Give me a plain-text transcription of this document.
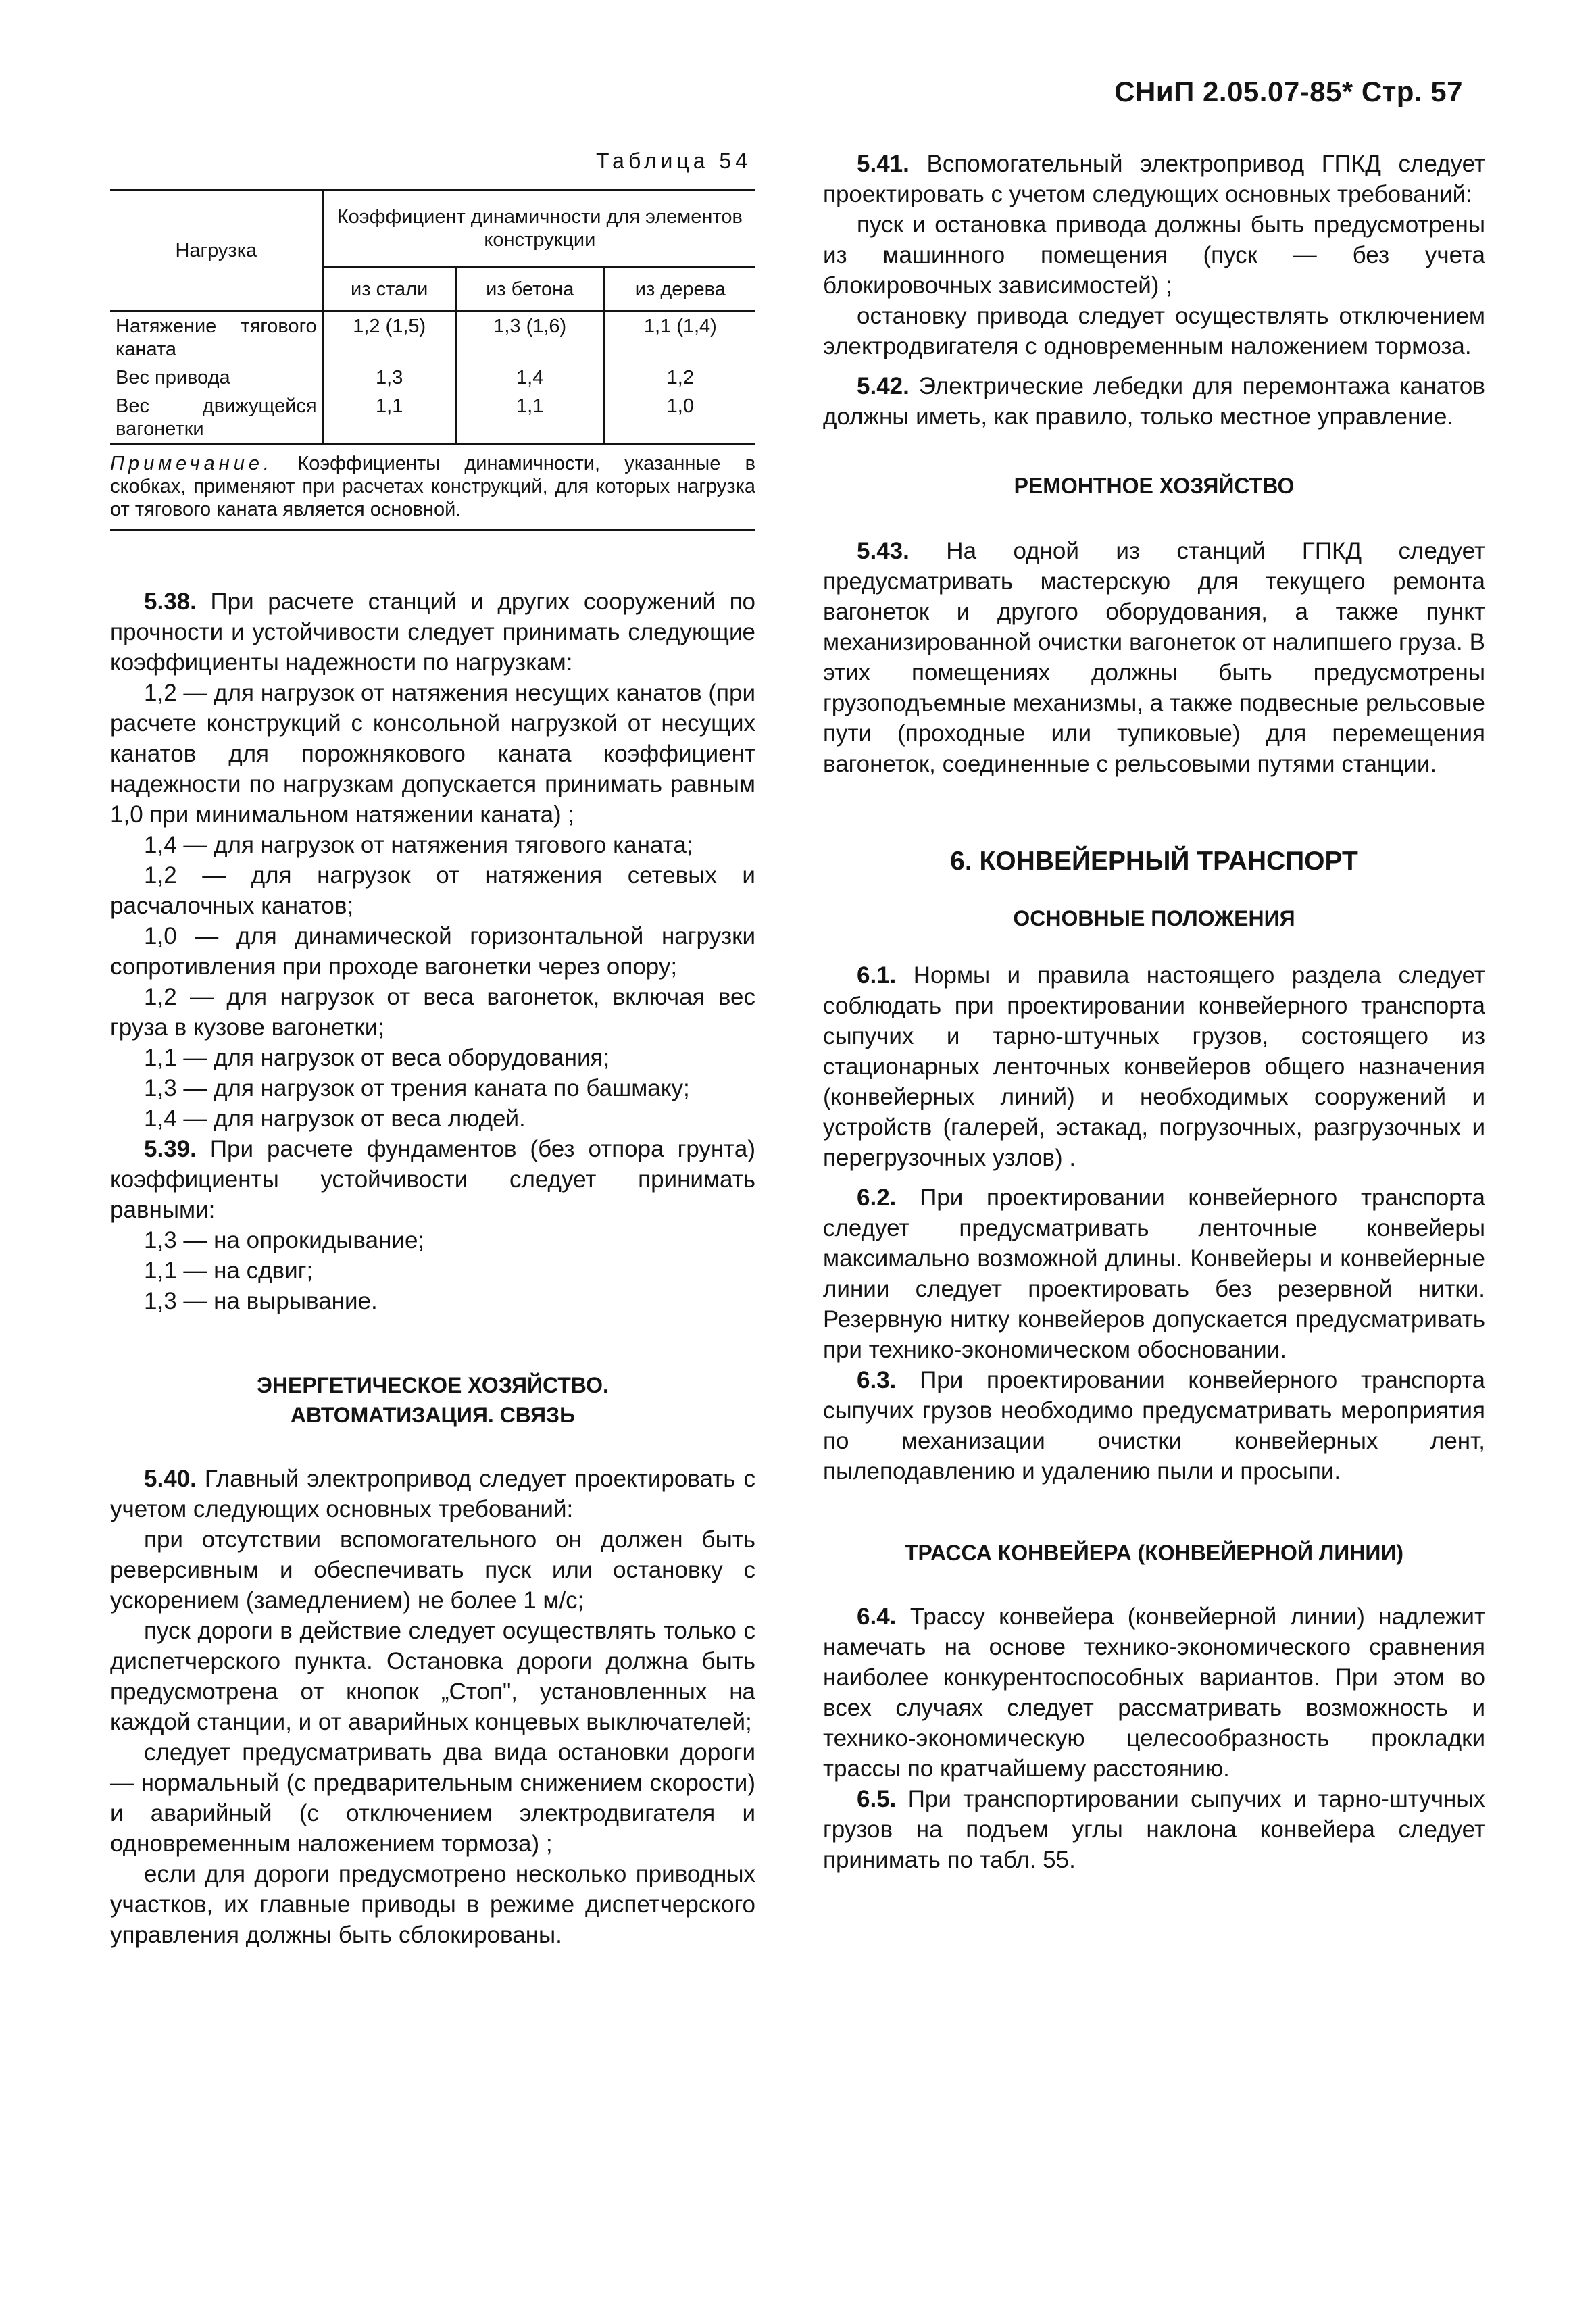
СНиП 2.05.07-85* Стр. 57
Таблица 54
Нагрузка	Коэффициент динамичности для элементов конструкции		
	из стали	из бетона	из дерева
Натяжение тягового каната	1,2 (1,5)	1,3 (1,6)	1,1 (1,4)
Вес привода	1,3	1,4	1,2
Вес движущейся вагонетки	1,1	1,1	1,0
Примечание. Коэффициенты динамичности, указанные в скобках, применяют при расчетах конструкций, для которых нагрузка от тягового каната является основной.

5.38. При расчете станций и других сооружений по прочности и устойчивости следует принимать следующие коэффициенты надежности по нагрузкам:

1,2 — для нагрузок от натяжения несущих канатов (при расчете конструкций с консольной нагрузкой от несущих канатов для порожнякового каната коэффициент надежности по нагрузкам допускается принимать равным 1,0 при минимальном натяжении каната) ;

1,4 — для нагрузок от натяжения тягового каната;

1,2 — для нагрузок от натяжения сетевых и расчалочных канатов;

1,0 — для динамической горизонтальной нагрузки сопротивления при проходе вагонетки через опору;

1,2 — для нагрузок от веса вагонеток, включая вес груза в кузове вагонетки;

1,1 — для нагрузок от веса оборудования;

1,3 — для нагрузок от трения каната по башмаку;

1,4 — для нагрузок от веса людей.

5.39. При расчете фундаментов (без отпора грунта) коэффициенты устойчивости следует принимать равными:

1,3 — на опрокидывание;

1,1 — на сдвиг;

1,3 — на вырывание.

ЭНЕРГЕТИЧЕСКОЕ ХОЗЯЙСТВО.

АВТОМАТИЗАЦИЯ. СВЯЗЬ

5.40. Главный электропривод следует проектировать с учетом следующих основных требований:

при отсутствии вспомогательного он должен быть реверсивным и обеспечивать пуск или остановку с ускорением (замедлением) не более 1 м/с;

пуск дороги в действие следует осуществлять только с диспетчерского пункта. Остановка дороги должна быть предусмотрена от кнопок „Стоп", установленных на каждой станции, и от аварийных концевых выключателей;

следует предусматривать два вида остановки дороги — нормальный (с предварительным снижением скорости) и аварийный (с отключением электродвигателя и одновременным наложением тормоза) ;

если для дороги предусмотрено несколько приводных участков, их главные приводы в режиме диспетчерского управления должны быть сблокированы.

5.41. Вспомогательный электропривод ГПКД следует проектировать с учетом следующих основных требований:

пуск и остановка привода должны быть предусмотрены из машинного помещения (пуск — без учета блокировочных зависимостей) ;

остановку привода следует осуществлять отключением электродвигателя с одновременным наложением тормоза.

5.42. Электрические лебедки для перемонтажа канатов должны иметь, как правило, только местное управление.

РЕМОНТНОЕ ХОЗЯЙСТВО

5.43. На одной из станций ГПКД следует предусматривать мастерскую для текущего ремонта вагонеток и другого оборудования, а также пункт механизированной очистки вагонеток от налипшего груза. В этих помещениях должны быть предусмотрены грузоподъемные механизмы, а также подвесные рельсовые пути (проходные или тупиковые) для перемещения вагонеток, соединенные с рельсовыми путями станции.

6. КОНВЕЙЕРНЫЙ ТРАНСПОРТ

ОСНОВНЫЕ ПОЛОЖЕНИЯ

6.1. Нормы и правила настоящего раздела следует соблюдать при проектировании конвейерного транспорта сыпучих и тарно-штучных грузов, состоящего из стационарных ленточных конвейеров общего назначения (конвейерных линий) и необходимых сооружений и устройств (галерей, эстакад, погрузочных, разгрузочных и перегрузочных узлов) .

6.2. При проектировании конвейерного транспорта следует предусматривать ленточные конвейеры максимально возможной длины. Конвейеры и конвейерные линии следует проектировать без резервной нитки. Резервную нитку конвейеров допускается предусматривать при технико-экономическом обосновании.

6.3. При проектировании конвейерного транспорта сыпучих грузов необходимо предусматривать мероприятия по механизации очистки конвейерных лент, пылеподавлению и удалению пыли и просыпи.

ТРАССА КОНВЕЙЕРА (КОНВЕЙЕРНОЙ ЛИНИИ)

6.4. Трассу конвейера (конвейерной линии) надлежит намечать на основе технико-экономического сравнения наиболее конкурентоспособных вариантов. При этом во всех случаях следует рассматривать возможность и технико-экономическую целесообразность прокладки трассы по кратчайшему расстоянию.

6.5. При транспортировании сыпучих и тарно-штучных грузов на подъем углы наклона конвейера следует принимать по табл. 55.
